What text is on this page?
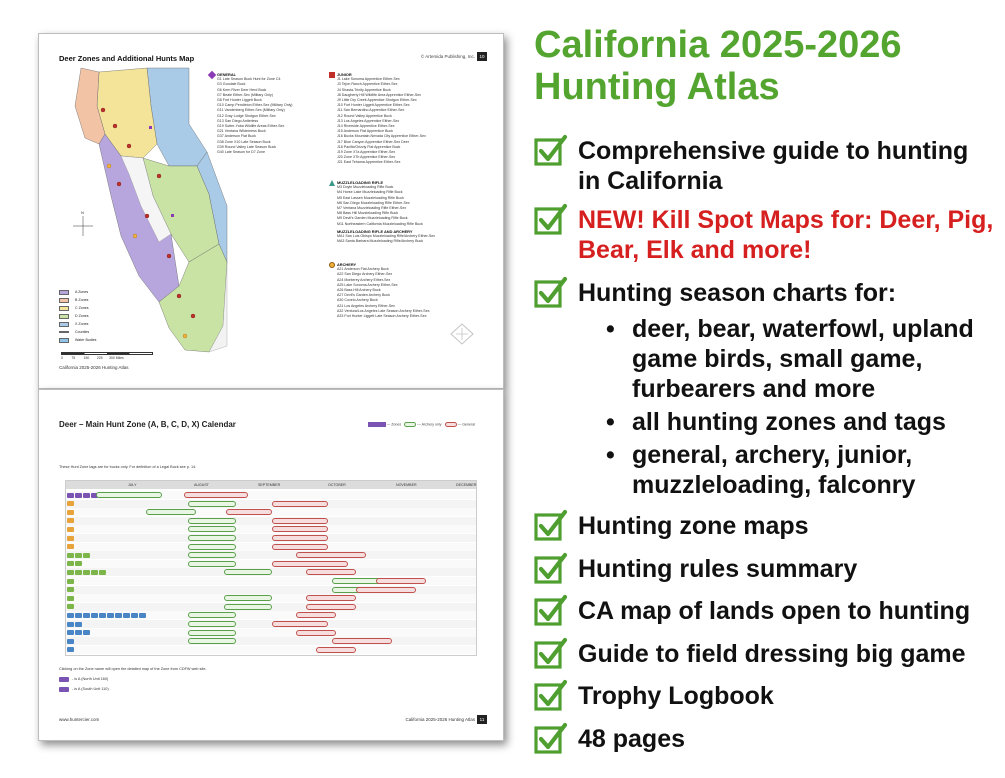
Deer Zones and Additional Hunts Map	© Artemida Publishing, Inc. 10
N
GENERAL
G1 Late Season Buck Hunt for Zone C4
G3 Goodale Buck
G6 Kern River Deer Herd Buck
G7 Beale Either-Sex (Military Only)
G8 Fort Hunter Liggett Buck
G10 Camp Pendleton Either-Sex (Military Only)
G11 Vandenberg Either-Sex (Military Only)
G12 Gray Lodge Shotgun Either-Sex
G13 San Diego Antlerless
G19 Sutter-Yuba Wildlife Areas Either-Sex
G21 Ventana Wilderness Buck
G37 Anderson Flat Buck
G38 Zone X10 Late Season Buck
G39 Round Valley Late Season Buck
G40 Late Season for D7 Zone
JUNIOR
J1 Lake Sonoma Apprentice Either-Sex
J3 Tejon Ranch Apprentice Either-Sex
J4 Shasta-Trinity Apprentice Buck
J8 Daugherty Hill Wildlife Area Apprentice Either-Sex
J9 Little Dry Creek Apprentice Shotgun Either-Sex
J10 Fort Hunter Liggett Apprentice Either-Sex
J11 San Bernardino Apprentice Either-Sex
J12 Round Valley Apprentice Buck
J13 Los Angeles Apprentice Either-Sex
J14 Riverside Apprentice Either-Sex
J15 Anderson Flat Apprentice Buck
J16 Bucks Mountain-Nevada City Apprentice Either-Sex
J17 Blue Canyon Apprentice Either-Sex Deer
J18 Pacific/Grizzly Flat Apprentice Buck
J19 Zone X7a Apprentice Either-Sex
J20 Zone X7b Apprentice Either-Sex
J21 East Tehama Apprentice Either-Sex
MUZZLELOADING RIFLE
M3 Doyle Muzzleloading Rifle Buck
M4 Horse Lake Muzzleloading Rifle Buck
M5 East Lassen Muzzleloading Rifle Buck
M6 San Diego Muzzleloading Rifle Either-Sex
M7 Ventana Muzzleloading Rifle Either-Sex
M8 Bass Hill Muzzleloading Rifle Buck
M9 Devil's Garden Muzzleloading Rifle Buck
M11 Northeastern California Muzzleloading Rifle Buck
MUZZLELOADING RIFLE AND ARCHERY
MA1 San Luis Obispo Muzzleloading Rifle/Archery Either-Sex
MA3 Santa Barbara Muzzleloading Rifle/Archery Buck
ARCHERY
A21 Anderson Flat Archery Buck
A22 San Diego Archery Either-Sex
A24 Monterey Archery Either-Sex
A25 Lake Sonoma Archery Either-Sex
A26 Bass Hill Archery Buck
A27 Devil's Garden Archery Buck
A30 Covelo Archery Buck
A31 Los Angeles Archery Either-Sex
A32 Ventura/Los Angeles Late Season Archery Either-Sex
A33 Fort Hunter Liggett Late Season Archery Either-Sex
A Zones
B Zones
C Zones
D Zones
X Zones
Counties
Water Bodies
0 75 150 225 300 Miles
California 2025-2026 Hunting Atlas
Deer – Main Hunt Zone (A, B, C, D, X) Calendar	— Zones	— Archery only	— General
These Hunt Zone tags are for bucks only. For definition of a Legal Buck see p. 14.
JULY	AUGUST	SEPTEMBER	OCTOBER	NOVEMBER	DECEMBER
Clicking on the Zone name will open the detailed map of the Zone from CDFW web site.
- is A (North Unit 160)
- is A (South Unit 110)
www.huntercier.com	California 2025-2026 Hunting Atlas	11
California 2025-2026 Hunting Atlas
Comprehensive guide to hunting in California
NEW! Kill Spot Maps for: Deer, Pig, Bear, Elk and more!
Hunting season charts for:
• deer, bear, waterfowl, upland game birds, small game, furbearers and more
• all hunting zones and tags
• general, archery, junior, muzzleloading, falconry
Hunting zone maps
Hunting rules summary
CA map of lands open to hunting
Guide to field dressing big game
Trophy Logbook
48 pages
